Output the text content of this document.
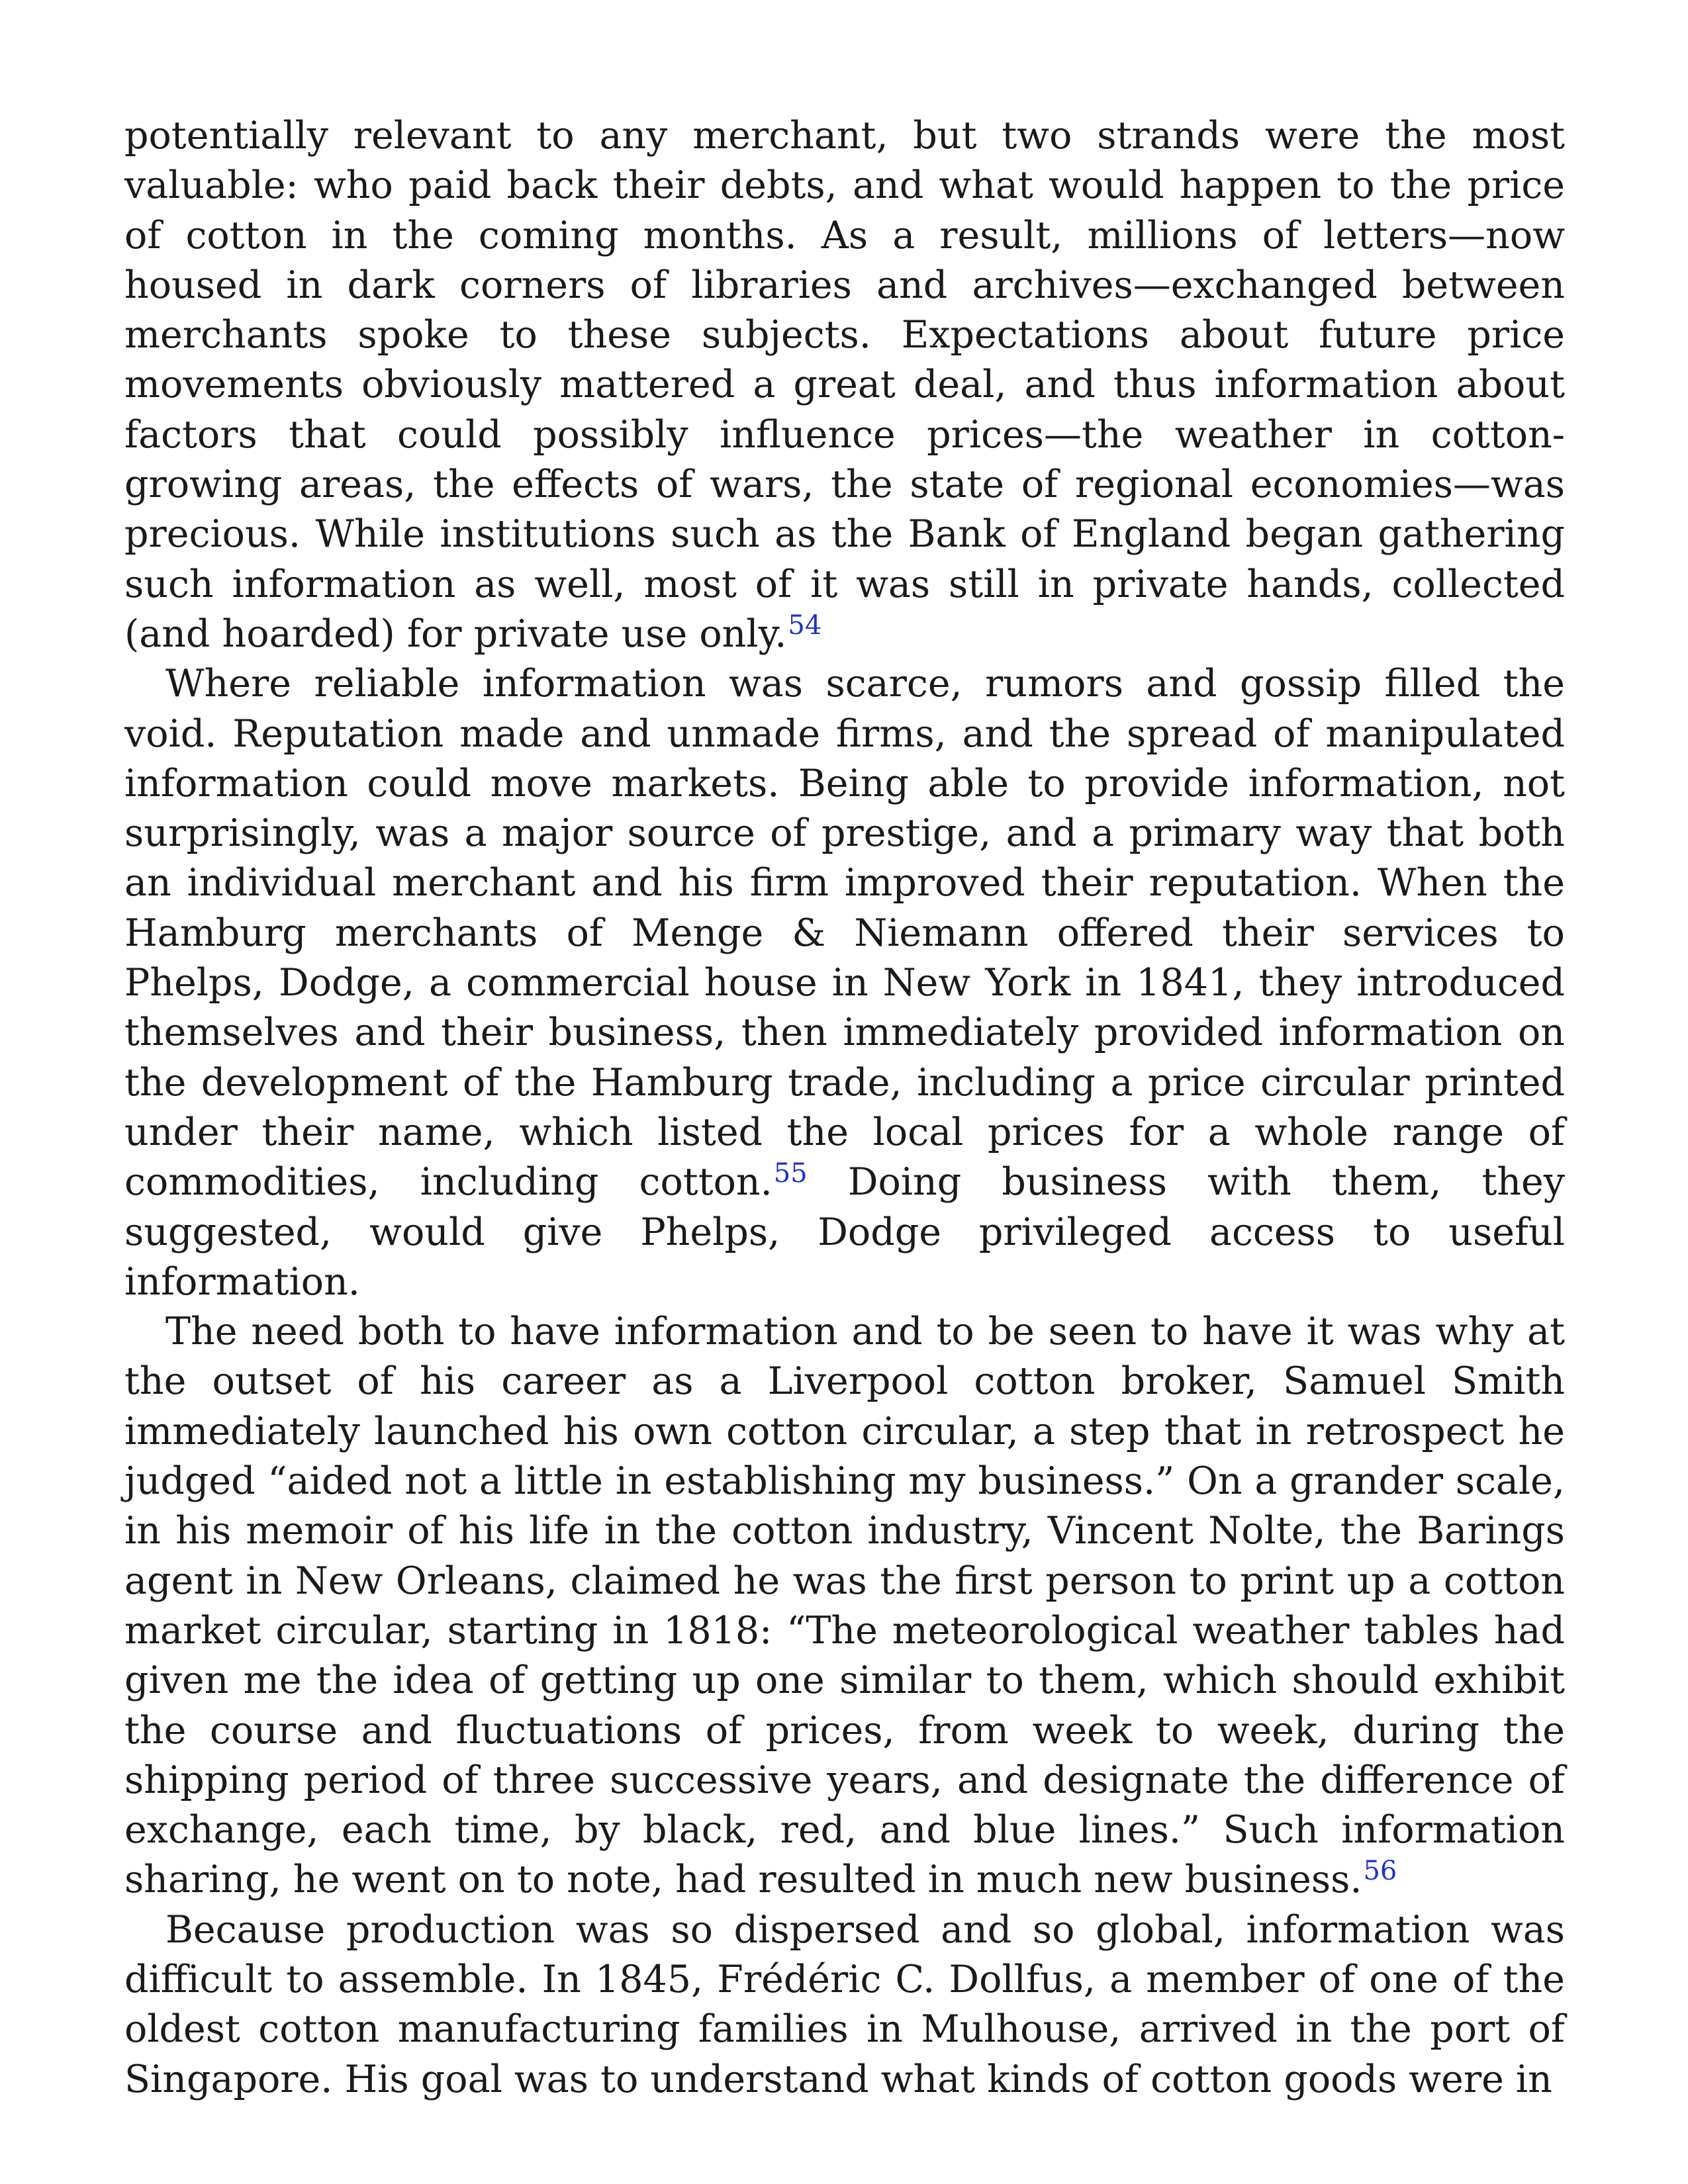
potentially relevant to any merchant, but two strands were the most valuable: who paid back their debts, and what would happen to the price of cotton in the coming months. As a result, millions of letters—now housed in dark corners of libraries and archives—exchanged between merchants spoke to these subjects. Expectations about future price movements obviously mattered a great deal, and thus information about factors that could possibly influence prices—the weather in cotton-growing areas, the effects of wars, the state of regional economies—was precious. While institutions such as the Bank of England began gathering such information as well, most of it was still in private hands, collected (and hoarded) for private use only.$^{54}$

Where reliable information was scarce, rumors and gossip filled the void. Reputation made and unmade firms, and the spread of manipulated information could move markets. Being able to provide information, not surprisingly, was a major source of prestige, and a primary way that both an individual merchant and his firm improved their reputation. When the Hamburg merchants of Menge & Niemann offered their services to Phelps, Dodge, a commercial house in New York in 1841, they introduced themselves and their business, then immediately provided information on the development of the Hamburg trade, including a price circular printed under their name, which listed the local prices for a whole range of commodities, including cotton.$^{55}$ Doing business with them, they suggested, would give Phelps, Dodge privileged access to useful information.

The need both to have information and to be seen to have it was why at the outset of his career as a Liverpool cotton broker, Samuel Smith immediately launched his own cotton circular, a step that in retrospect he judged “aided not a little in establishing my business.” On a grander scale, in his memoir of his life in the cotton industry, Vincent Nolte, the Barings agent in New Orleans, claimed he was the first person to print up a cotton market circular, starting in 1818: “The meteorological weather tables had given me the idea of getting up one similar to them, which should exhibit the course and fluctuations of prices, from week to week, during the shipping period of three successive years, and designate the difference of exchange, each time, by black, red, and blue lines.” Such information sharing, he went on to note, had resulted in much new business.$^{56}$

Because production was so dispersed and so global, information was difficult to assemble. In 1845, Frédéric C. Dollfus, a member of one of the oldest cotton manufacturing families in Mulhouse, arrived in the port of Singapore. His goal was to understand what kinds of cotton goods were in
